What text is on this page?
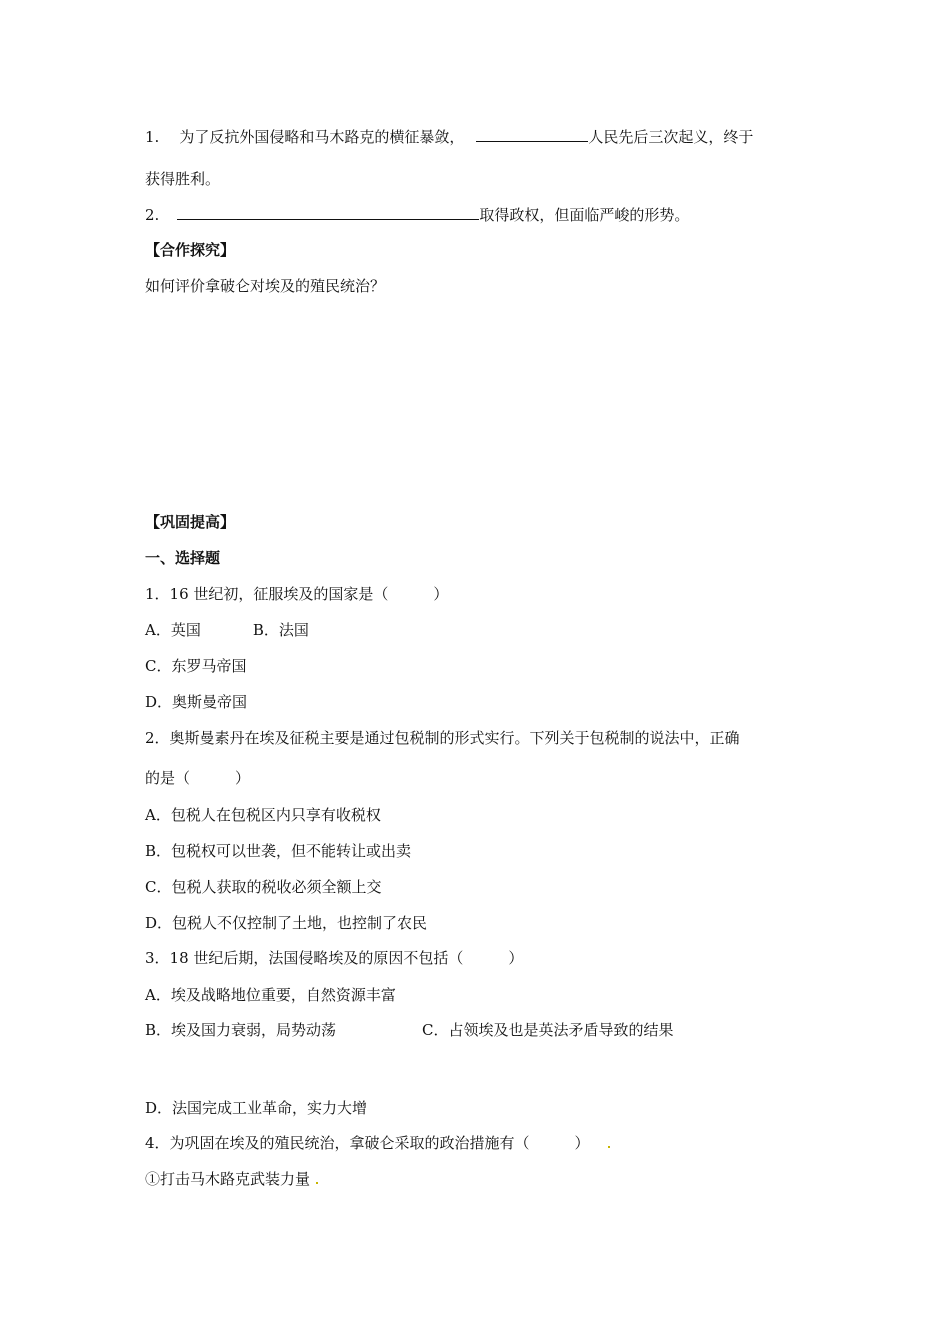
1. 为了反抗外国侵略和马木路克的横征暴敛，	人民先后三次起义，终于
获得胜利。
2.	取得政权，但面临严峻的形势。
【合作探究】
如何评价拿破仑对埃及的殖民统治？
【巩固提高】
一、选择题
1．16 世纪初，征服埃及的国家是（　　　）
A．英国	B．法国
C．东罗马帝国
D．奥斯曼帝国
2．奥斯曼素丹在埃及征税主要是通过包税制的形式实行。下列关于包税制的说法中，正确
的是（　　　）
A．包税人在包税区内只享有收税权
B．包税权可以世袭，但不能转让或出卖
C．包税人获取的税收必须全额上交
D．包税人不仅控制了土地，也控制了农民
3．18 世纪后期，法国侵略埃及的原因不包括（　　　）
A．埃及战略地位重要，自然资源丰富
B．埃及国力衰弱，局势动荡	C．占领埃及也是英法矛盾导致的结果
D．法国完成工业革命，实力大增
4．为巩固在埃及的殖民统治，拿破仑采取的政治措施有（　　　）
①打击马木路克武装力量
